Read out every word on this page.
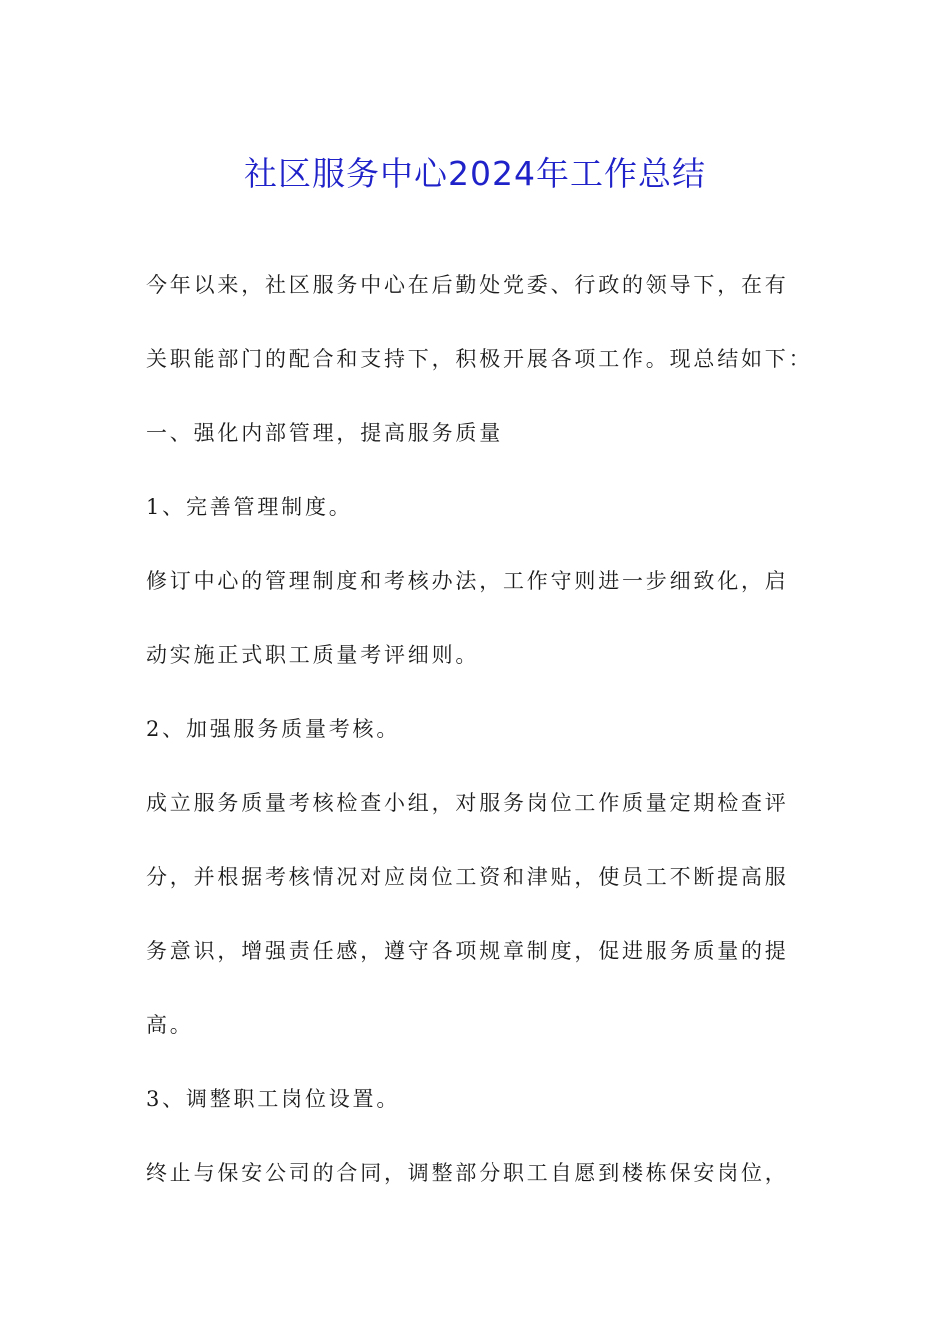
社区服务中心2024年工作总结
今年以来，社区服务中心在后勤处党委、行政的领导下，在有
关职能部门的配合和支持下，积极开展各项工作。现总结如下：
一、强化内部管理，提高服务质量
1、完善管理制度。
修订中心的管理制度和考核办法，工作守则进一步细致化，启
动实施正式职工质量考评细则。
2、加强服务质量考核。
成立服务质量考核检查小组，对服务岗位工作质量定期检查评
分，并根据考核情况对应岗位工资和津贴，使员工不断提高服
务意识，增强责任感，遵守各项规章制度，促进服务质量的提
高。
3、调整职工岗位设置。
终止与保安公司的合同，调整部分职工自愿到楼栋保安岗位，
